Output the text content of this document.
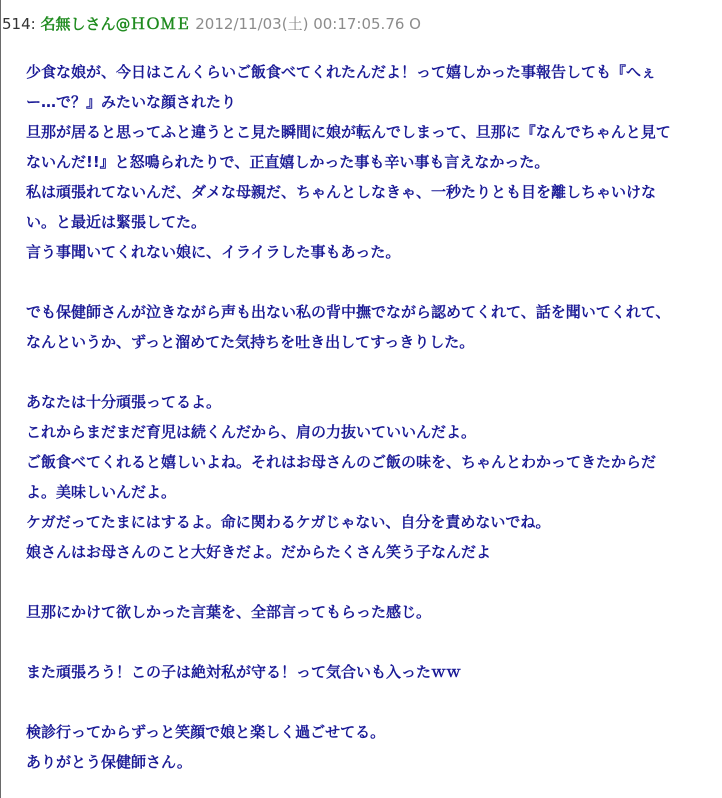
514: 名無しさん@ＨＯＭＥ 2012/11/03(土) 00:17:05.76 O
少食な娘が、今日はこんくらいご飯食べてくれたんだよ！って嬉しかった事報告しても『へぇ
ー…で？』みたいな顔されたり
旦那が居ると思ってふと違うとこ見た瞬間に娘が転んでしまって、旦那に『なんでちゃんと見て
ないんだ!!』と怒鳴られたりで、正直嬉しかった事も辛い事も言えなかった。
私は頑張れてないんだ、ダメな母親だ、ちゃんとしなきゃ、一秒たりとも目を離しちゃいけな
い。と最近は緊張してた。
言う事聞いてくれない娘に、イライラした事もあった。
でも保健師さんが泣きながら声も出ない私の背中撫でながら認めてくれて、話を聞いてくれて、
なんというか、ずっと溜めてた気持ちを吐き出してすっきりした。
あなたは十分頑張ってるよ。
これからまだまだ育児は続くんだから、肩の力抜いていいんだよ。
ご飯食べてくれると嬉しいよね。それはお母さんのご飯の味を、ちゃんとわかってきたからだ
よ。美味しいんだよ。
ケガだってたまにはするよ。命に関わるケガじゃない、自分を責めないでね。
娘さんはお母さんのこと大好きだよ。だからたくさん笑う子なんだよ
旦那にかけて欲しかった言葉を、全部言ってもらった感じ。
また頑張ろう！この子は絶対私が守る！って気合いも入ったｗｗ
検診行ってからずっと笑顔で娘と楽しく過ごせてる。
ありがとう保健師さん。
